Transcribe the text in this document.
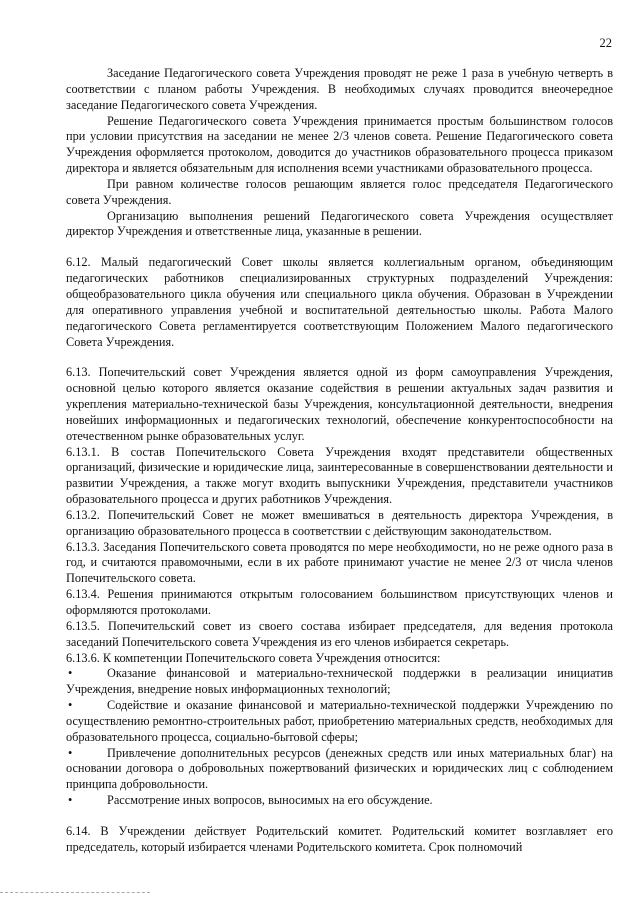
22

Заседание Педагогического совета Учреждения проводят не реже 1 раза в учебную четверть в соответствии с планом работы Учреждения. В необходимых случаях проводится внеочередное заседание Педагогического совета Учреждения.

Решение Педагогического совета Учреждения принимается простым большинством голосов при условии присутствия на заседании не менее 2/3 членов совета. Решение Педагогического совета Учреждения оформляется протоколом, доводится до участников образовательного процесса приказом директора и является обязательным для исполнения всеми участниками образовательного процесса.

При равном количестве голосов решающим является голос председателя Педагогического совета Учреждения.

Организацию выполнения решений Педагогического совета Учреждения осуществляет директор Учреждения и ответственные лица, указанные в решении.

6.12. Малый педагогический Совет школы является коллегиальным органом, объединяющим педагогических работников специализированных структурных подразделений Учреждения: общеобразовательного цикла обучения или специального цикла обучения. Образован в Учреждении для оперативного управления учебной и воспитательной деятельностью школы. Работа Малого педагогического Совета регламентируется соответствующим Положением Малого педагогического Совета Учреждения.

6.13. Попечительский совет Учреждения является одной из форм самоуправления Учреждения, основной целью которого является оказание содействия в решении актуальных задач развития и укрепления материально-технической базы Учреждения, консультационной деятельности, внедрения новейших информационных и педагогических технологий, обеспечение конкурентоспособности на отечественном рынке образовательных услуг.

6.13.1. В состав Попечительского Совета Учреждения входят представители общественных организаций, физические и юридические лица, заинтересованные в совершенствовании деятельности и развитии Учреждения, а также могут входить выпускники Учреждения, представители участников образовательного процесса и других работников Учреждения.

6.13.2. Попечительский Совет не может вмешиваться в деятельность директора Учреждения, в организацию образовательного процесса в соответствии с действующим законодательством.

6.13.3. Заседания Попечительского совета проводятся по мере необходимости, но не реже одного раза в год, и считаются правомочными, если в их работе принимают участие не менее 2/3 от числа членов Попечительского совета.

6.13.4. Решения принимаются открытым голосованием большинством присутствующих членов и оформляются протоколами.

6.13.5. Попечительский совет из своего состава избирает председателя, для ведения протокола заседаний Попечительского совета Учреждения из его членов избирается секретарь.

6.13.6. К компетенции Попечительского совета Учреждения относится:

•	Оказание финансовой и материально-технической поддержки в реализации инициатив Учреждения, внедрение новых информационных технологий;

•	Содействие и оказание финансовой и материально-технической поддержки Учреждению по осуществлению ремонтно-строительных работ, приобретению материальных средств, необходимых для образовательного процесса, социально-бытовой сферы;

•	Привлечение дополнительных ресурсов (денежных средств или иных материальных благ) на основании договора о добровольных пожертвований физических и юридических лиц с соблюдением принципа добровольности.

•	Рассмотрение иных вопросов, выносимых на его обсуждение.

6.14. В Учреждении действует Родительский комитет. Родительский комитет возглавляет его председатель, который избирается членами Родительского комитета. Срок полномочий
